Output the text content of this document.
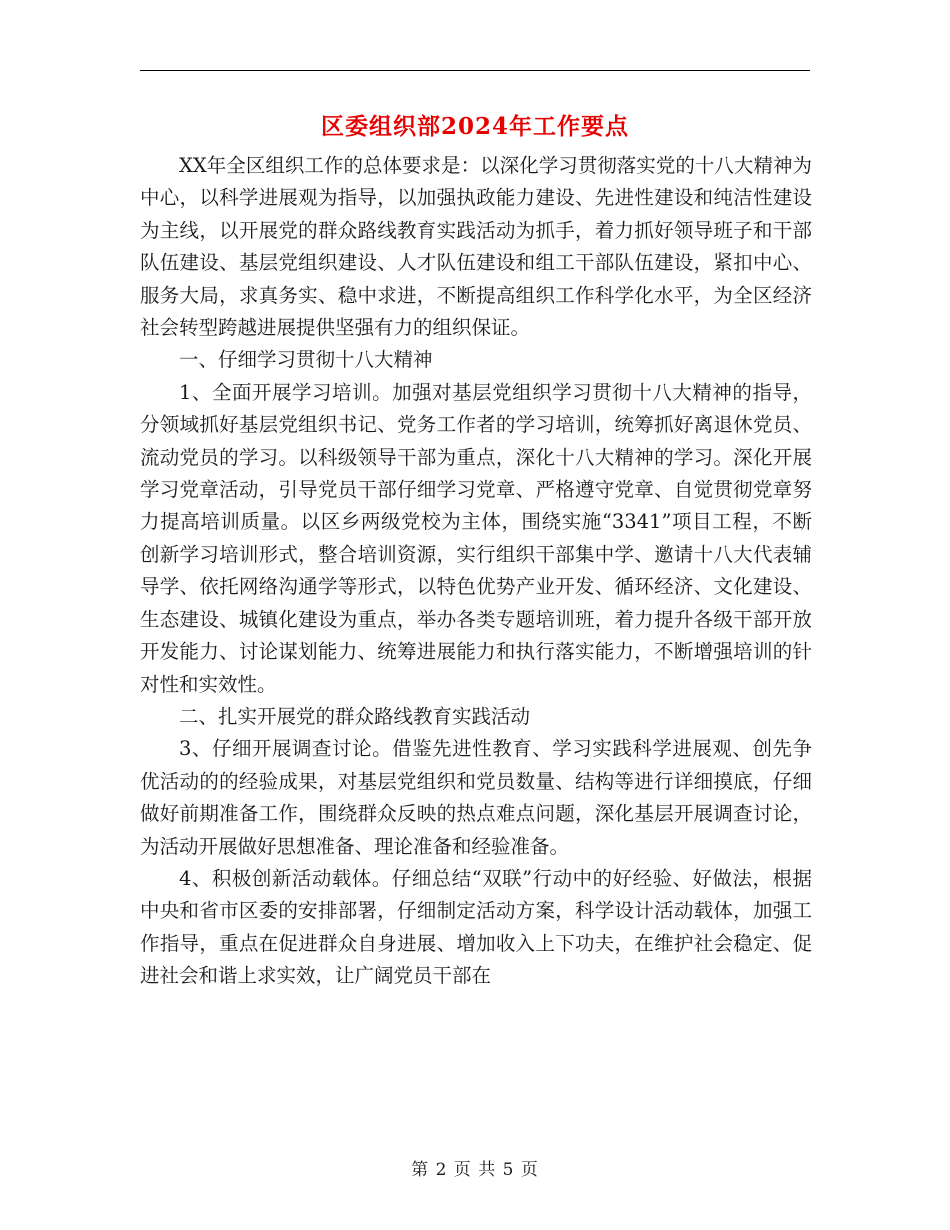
区委组织部2024年工作要点

XX年全区组织工作的总体要求是：以深化学习贯彻落实党的十八大精神为中心，以科学进展观为指导，以加强执政能力建设、先进性建设和纯洁性建设为主线，以开展党的群众路线教育实践活动为抓手，着力抓好领导班子和干部队伍建设、基层党组织建设、人才队伍建设和组工干部队伍建设，紧扣中心、服务大局，求真务实、稳中求进，不断提高组织工作科学化水平，为全区经济社会转型跨越进展提供坚强有力的组织保证。

一、仔细学习贯彻十八大精神

1、全面开展学习培训。加强对基层党组织学习贯彻十八大精神的指导，分领域抓好基层党组织书记、党务工作者的学习培训，统筹抓好离退休党员、流动党员的学习。以科级领导干部为重点，深化十八大精神的学习。深化开展学习党章活动，引导党员干部仔细学习党章、严格遵守党章、自觉贯彻党章努力提高培训质量。以区乡两级党校为主体，围绕实施“3341”项目工程，不断创新学习培训形式，整合培训资源，实行组织干部集中学、邀请十八大代表辅导学、依托网络沟通学等形式，以特色优势产业开发、循环经济、文化建设、生态建设、城镇化建设为重点，举办各类专题培训班，着力提升各级干部开放开发能力、讨论谋划能力、统筹进展能力和执行落实能力，不断增强培训的针对性和实效性。

二、扎实开展党的群众路线教育实践活动

3、仔细开展调查讨论。借鉴先进性教育、学习实践科学进展观、创先争优活动的的经验成果，对基层党组织和党员数量、结构等进行详细摸底，仔细做好前期准备工作，围绕群众反映的热点难点问题，深化基层开展调查讨论，为活动开展做好思想准备、理论准备和经验准备。

4、积极创新活动载体。仔细总结“双联”行动中的好经验、好做法，根据中央和省市区委的安排部署，仔细制定活动方案，科学设计活动载体，加强工作指导，重点在促进群众自身进展、增加收入上下功夫，在维护社会稳定、促进社会和谐上求实效，让广阔党员干部在

第 2 页 共 5 页
